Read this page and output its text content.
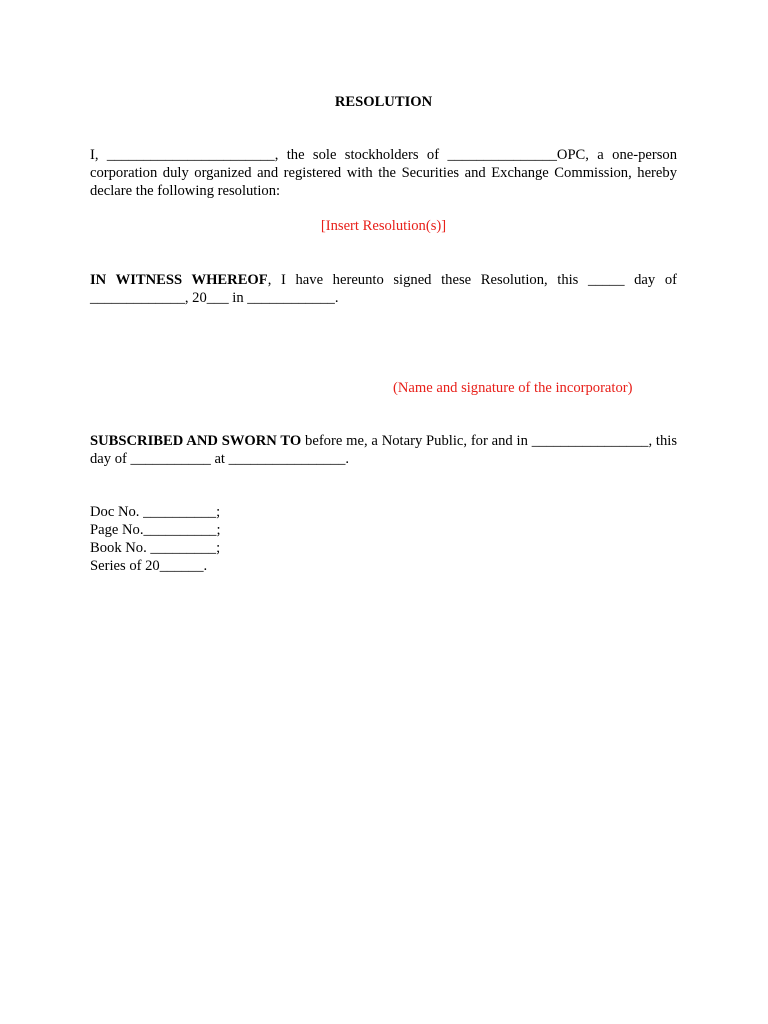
RESOLUTION
I, _______________________, the sole stockholders of _______________OPC, a one-person corporation duly organized and registered with the Securities and Exchange Commission, hereby declare the following resolution:
[Insert Resolution(s)]
IN WITNESS WHEREOF, I have hereunto signed these Resolution, this _____ day of _____________, 20___ in ____________.
(Name and signature of the incorporator)
SUBSCRIBED AND SWORN TO before me, a Notary Public, for and in ________________, this day of ___________ at ________________.
Doc No. __________;
Page No.__________;
Book No. _________;
Series of 20______.
